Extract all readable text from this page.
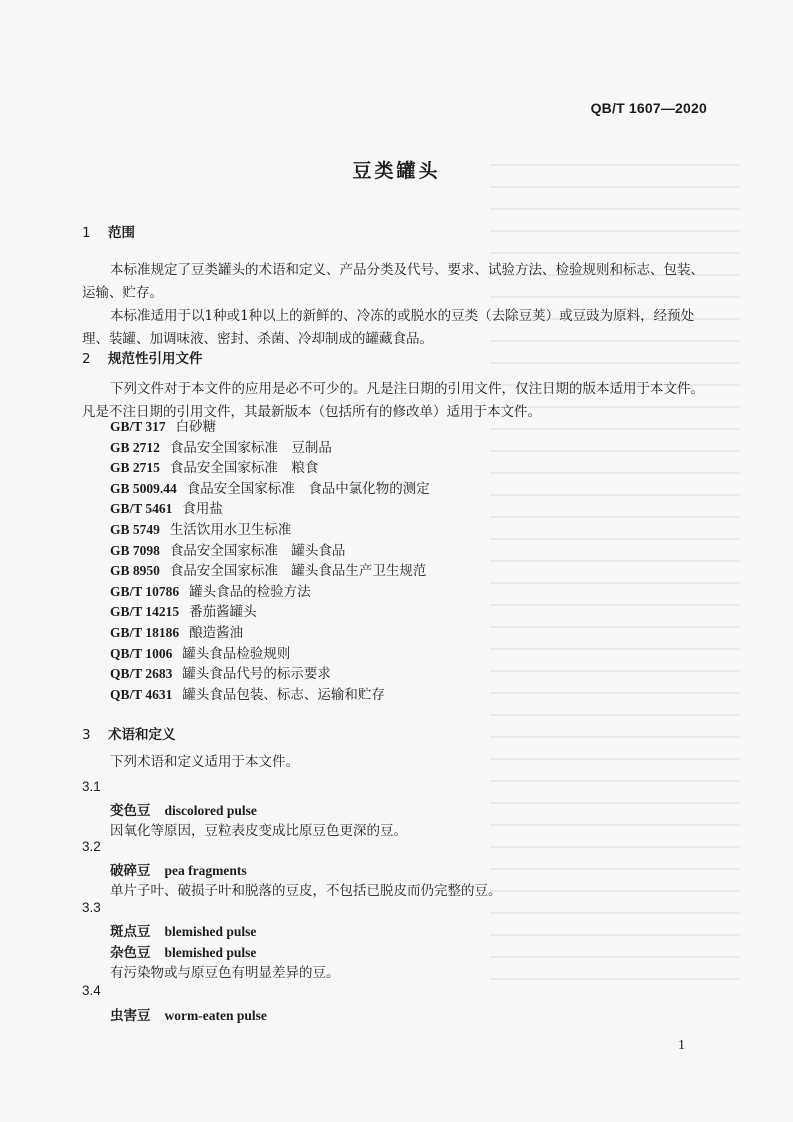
QB/T 1607—2020
豆类罐头
1 范围

本标准规定了豆类罐头的术语和定义、产品分类及代号、要求、试验方法、检验规则和标志、包装、运输、贮存。

本标准适用于以1种或1种以上的新鲜的、冷冻的或脱水的豆类（去除豆荚）或豆豉为原料，经预处理、装罐、加调味液、密封、杀菌、冷却制成的罐藏食品。

2 规范性引用文件

下列文件对于本文件的应用是必不可少的。凡是注日期的引用文件，仅注日期的版本适用于本文件。凡是不注日期的引用文件，其最新版本（包括所有的修改单）适用于本文件。

GB/T 317 白砂糖
GB 2712 食品安全国家标准　豆制品
GB 2715 食品安全国家标准　粮食
GB 5009.44 食品安全国家标准　食品中氯化物的测定
GB/T 5461 食用盐
GB 5749 生活饮用水卫生标准
GB 7098 食品安全国家标准　罐头食品
GB 8950 食品安全国家标准　罐头食品生产卫生规范
GB/T 10786 罐头食品的检验方法
GB/T 14215 番茄酱罐头
GB/T 18186 酿造酱油
QB/T 1006 罐头食品检验规则
QB/T 2683 罐头食品代号的标示要求
QB/T 4631 罐头食品包装、标志、运输和贮存
3 术语和定义

下列术语和定义适用于本文件。

3.1
变色豆 discolored pulse
因氧化等原因，豆粒表皮变成比原豆色更深的豆。
3.2
破碎豆 pea fragments
单片子叶、破损子叶和脱落的豆皮，不包括已脱皮而仍完整的豆。
3.3
斑点豆 blemished pulse
杂色豆 blemished pulse
有污染物或与原豆色有明显差异的豆。
3.4
虫害豆 worm-eaten pulse
1
